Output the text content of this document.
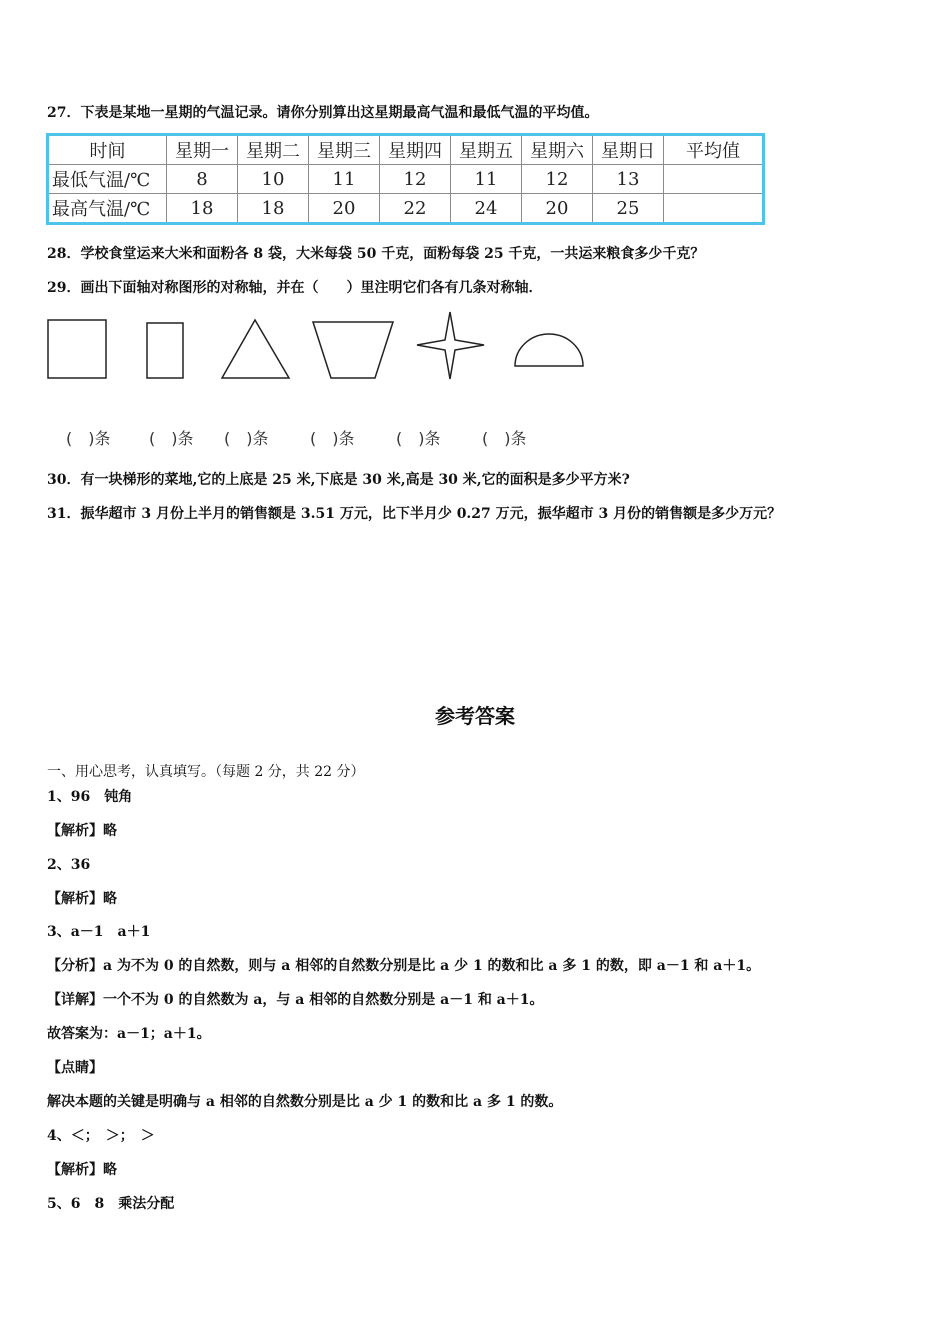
27．下表是某地一星期的气温记录。请你分别算出这星期最高气温和最低气温的平均值。
时间	星期一	星期二	星期三	星期四	星期五	星期六	星期日	平均值
最低气温/℃	8	10	11	12	11	12	13	
最高气温/℃	18	18	20	22	24	20	25	
28．学校食堂运来大米和面粉各 8 袋，大米每袋 50 千克，面粉每袋 25 千克，一共运来粮食多少千克？
29．画出下面轴对称图形的对称轴，并在（　　）里注明它们各有几条对称轴．
(　)条 (　)条 (　)条	(　)条	(　)条	(　)条
30．有一块梯形的菜地,它的上底是 25 米,下底是 30 米,高是 30 米,它的面积是多少平方米?
31．振华超市 3 月份上半月的销售额是 3.51 万元，比下半月少 0.27 万元，振华超市 3 月份的销售额是多少万元？
参考答案
一、用心思考，认真填写。（每题 2 分，共 22 分）
1、96　钝角
【解析】略
2、36
【解析】略
3、a－1　a＋1
【分析】a 为不为 0 的自然数，则与 a 相邻的自然数分别是比 a 少 1 的数和比 a 多 1 的数，即 a－1 和 a＋1。
【详解】一个不为 0 的自然数为 a，与 a 相邻的自然数分别是 a－1 和 a＋1。
故答案为：a－1；a＋1。
【点睛】
解决本题的关键是明确与 a 相邻的自然数分别是比 a 少 1 的数和比 a 多 1 的数。
4、＜；　＞；　＞
【解析】略
5、6　8　乘法分配
